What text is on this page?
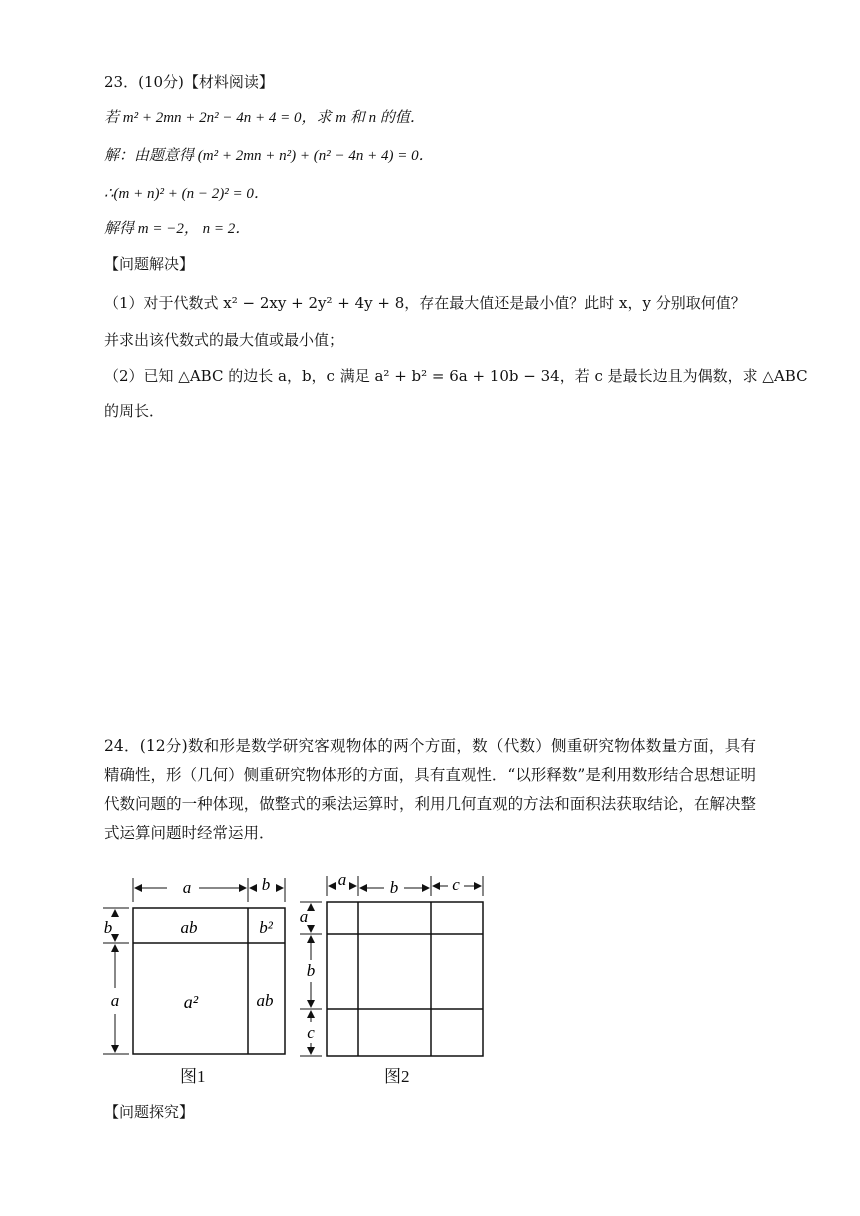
23．(10分)【材料阅读】
若 m² + 2mn + 2n² − 4n + 4 = 0，求 m 和 n 的值．
解：由题意得 (m² + 2mn + n²) + (n² − 4n + 4) = 0．
∴(m + n)² + (n − 2)² = 0．
解得 m = −2， n = 2．
【问题解决】
（1）对于代数式 x² − 2xy + 2y² + 4y + 8，存在最大值还是最小值？此时 x，y 分别取何值？
并求出该代数式的最大值或最小值；
（2）已知 △ABC 的边长 a，b，c 满足 a² + b² = 6a + 10b − 34，若 c 是最长边且为偶数，求 △ABC
的周长．
24．(12分)数和形是数学研究客观物体的两个方面，数（代数）侧重研究物体数量方面，具有精确性，形（几何）侧重研究物体形的方面，具有直观性．“以形释数”是利用数形结合思想证明代数问题的一种体现，做整式的乘法运算时，利用几何直观的方法和面积法获取结论，在解决整式运算问题时经常运用．
a	b
b
a
ab	b²
a²	ab
图1
a	b	c
a
b
c
图2
【问题探究】
